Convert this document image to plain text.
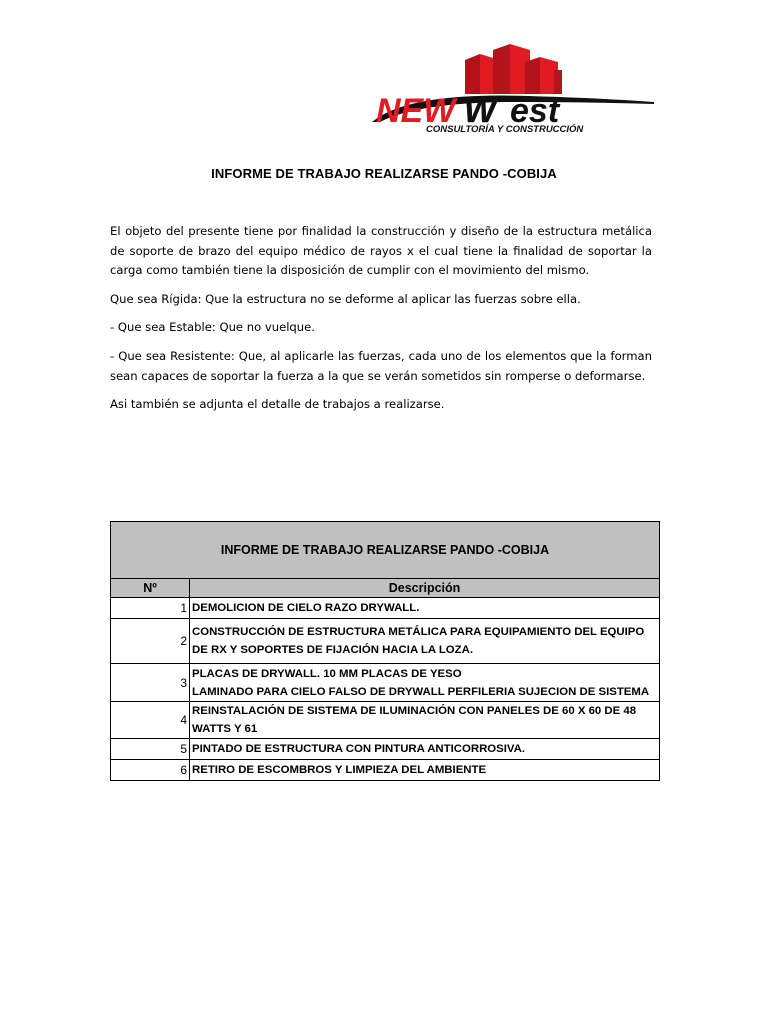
NEW W est
CONSULTORÍA Y CONSTRUCCIÓN
INFORME DE TRABAJO REALIZARSE PANDO -COBIJA

El objeto del presente tiene por finalidad la construcción y diseño de la estructura metálica de soporte de brazo del equipo médico de rayos x el cual tiene la finalidad de soportar la carga como también tiene la disposición de cumplir con el movimiento del mismo.

Que sea Rígida: Que la estructura no se deforme al aplicar las fuerzas sobre ella.

- Que sea Estable: Que no vuelque.

- Que sea Resistente: Que, al aplicarle las fuerzas, cada uno de los elementos que la forman sean capaces de soportar la fuerza a la que se verán sometidos sin romperse o deformarse.

Asi también se adjunta el detalle de trabajos a realizarse.

INFORME DE TRABAJO REALIZARSE PANDO -COBIJA	
Nº	Descripción
1	DEMOLICION DE CIELO RAZO DRYWALL.

2	CONSTRUCCIÓN DE ESTRUCTURA METÁLICA PARA EQUIPAMIENTO DEL EQUIPO
DE RX Y SOPORTES DE FIJACIÓN HACIA LA LOZA.

3	PLACAS DE DRYWALL. 10 MM PLACAS DE YESO
LAMINADO PARA CIELO FALSO DE DRYWALL PERFILERIA SUJECION DE SISTEMA

4	REINSTALACIÓN DE SISTEMA DE ILUMINACIÓN CON PANELES DE 60 X 60 DE 48
WATTS Y 61

5	PINTADO DE ESTRUCTURA CON PINTURA ANTICORROSIVA.

6	RETIRO DE ESCOMBROS Y LIMPIEZA DEL AMBIENTE
